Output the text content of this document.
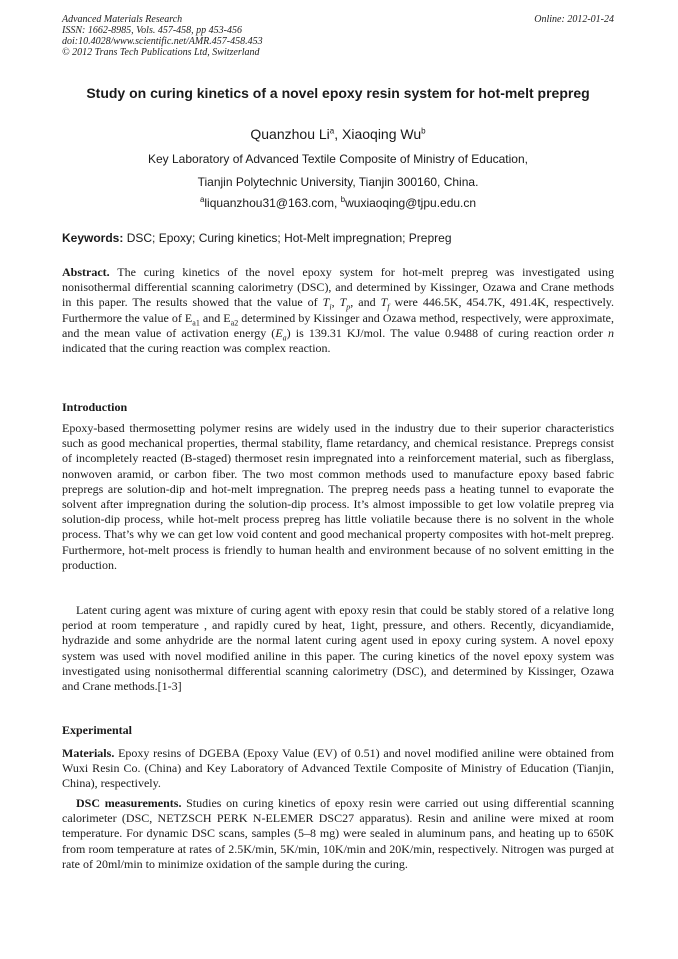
Advanced Materials Research
ISSN: 1662-8985, Vols. 457-458, pp 453-456
doi:10.4028/www.scientific.net/AMR.457-458.453
© 2012 Trans Tech Publications Ltd, Switzerland
Online: 2012-01-24
Study on curing kinetics of a novel epoxy resin system for hot-melt prepreg
Quanzhou Li$^a$, Xiaoqing Wu$^b$
Key Laboratory of Advanced Textile Composite of Ministry of Education,
Tianjin Polytechnic University, Tianjin 300160, China.
$^a$liquanzhou31@163.com, $^b$wuxiaoqing@tjpu.edu.cn
Keywords: DSC; Epoxy; Curing kinetics; Hot-Melt impregnation; Prepreg
Abstract. The curing kinetics of the novel epoxy system for hot-melt prepreg was investigated using nonisothermal differential scanning calorimetry (DSC), and determined by Kissinger, Ozawa and Crane methods in this paper. The results showed that the value of $T_i$, $T_p$, and $T_f$ were 446.5K, 454.7K, 491.4K, respectively. Furthermore the value of $E_{a1}$ and $E_{a2}$ determined by Kissinger and Ozawa method, respectively, were approximate, and the mean value of activation energy $(E_a)$ is 139.31 KJ/mol. The value 0.9488 of curing reaction order n indicated that the curing reaction was complex reaction.
Introduction
Epoxy-based thermosetting polymer resins are widely used in the industry due to their superior characteristics such as good mechanical properties, thermal stability, flame retardancy, and chemical resistance. Prepregs consist of incompletely reacted (B-staged) thermoset resin impregnated into a reinforcement material, such as fiberglass, nonwoven aramid, or carbon fiber. The two most common methods used to manufacture epoxy based fabric prepregs are solution-dip and hot-melt impregnation. The prepreg needs pass a heating tunnel to evaporate the solvent after impregnation during the solution-dip process. It’s almost impossible to get low volatile prepreg via solution-dip process, while hot-melt process prepreg has little voliatile because there is no solvent in the whole process. That’s why we can get low void content and good mechanical property composites with hot-melt prepreg. Furthermore, hot-melt process is friendly to human health and environment because of no solvent emitting in the production.
Latent curing agent was mixture of curing agent with epoxy resin that could be stably stored of a relative long period at room temperature , and rapidly cured by heat, 1ight, pressure, and others. Recently, dicyandiamide, hydrazide and some anhydride are the normal latent curing agent used in epoxy curing system. A novel epoxy system was used with novel modified aniline in this paper. The curing kinetics of the novel epoxy system was investigated using nonisothermal differential scanning calorimetry (DSC), and determined by Kissinger, Ozawa and Crane methods.[1-3]
Experimental
Materials. Epoxy resins of DGEBA (Epoxy Value (EV) of 0.51) and novel modified aniline were obtained from Wuxi Resin Co. (China) and Key Laboratory of Advanced Textile Composite of Ministry of Education (Tianjin, China), respectively.
DSC measurements. Studies on curing kinetics of epoxy resin were carried out using differential scanning calorimeter (DSC, NETZSCH PERK N-ELEMER DSC27 apparatus). Resin and aniline were mixed at room temperature. For dynamic DSC scans, samples (5–8 mg) were sealed in aluminum pans, and heating up to 650K from room temperature at rates of 2.5K/min, 5K/min, 10K/min and 20K/min, respectively. Nitrogen was purged at rate of 20ml/min to minimize oxidation of the sample during the curing.
